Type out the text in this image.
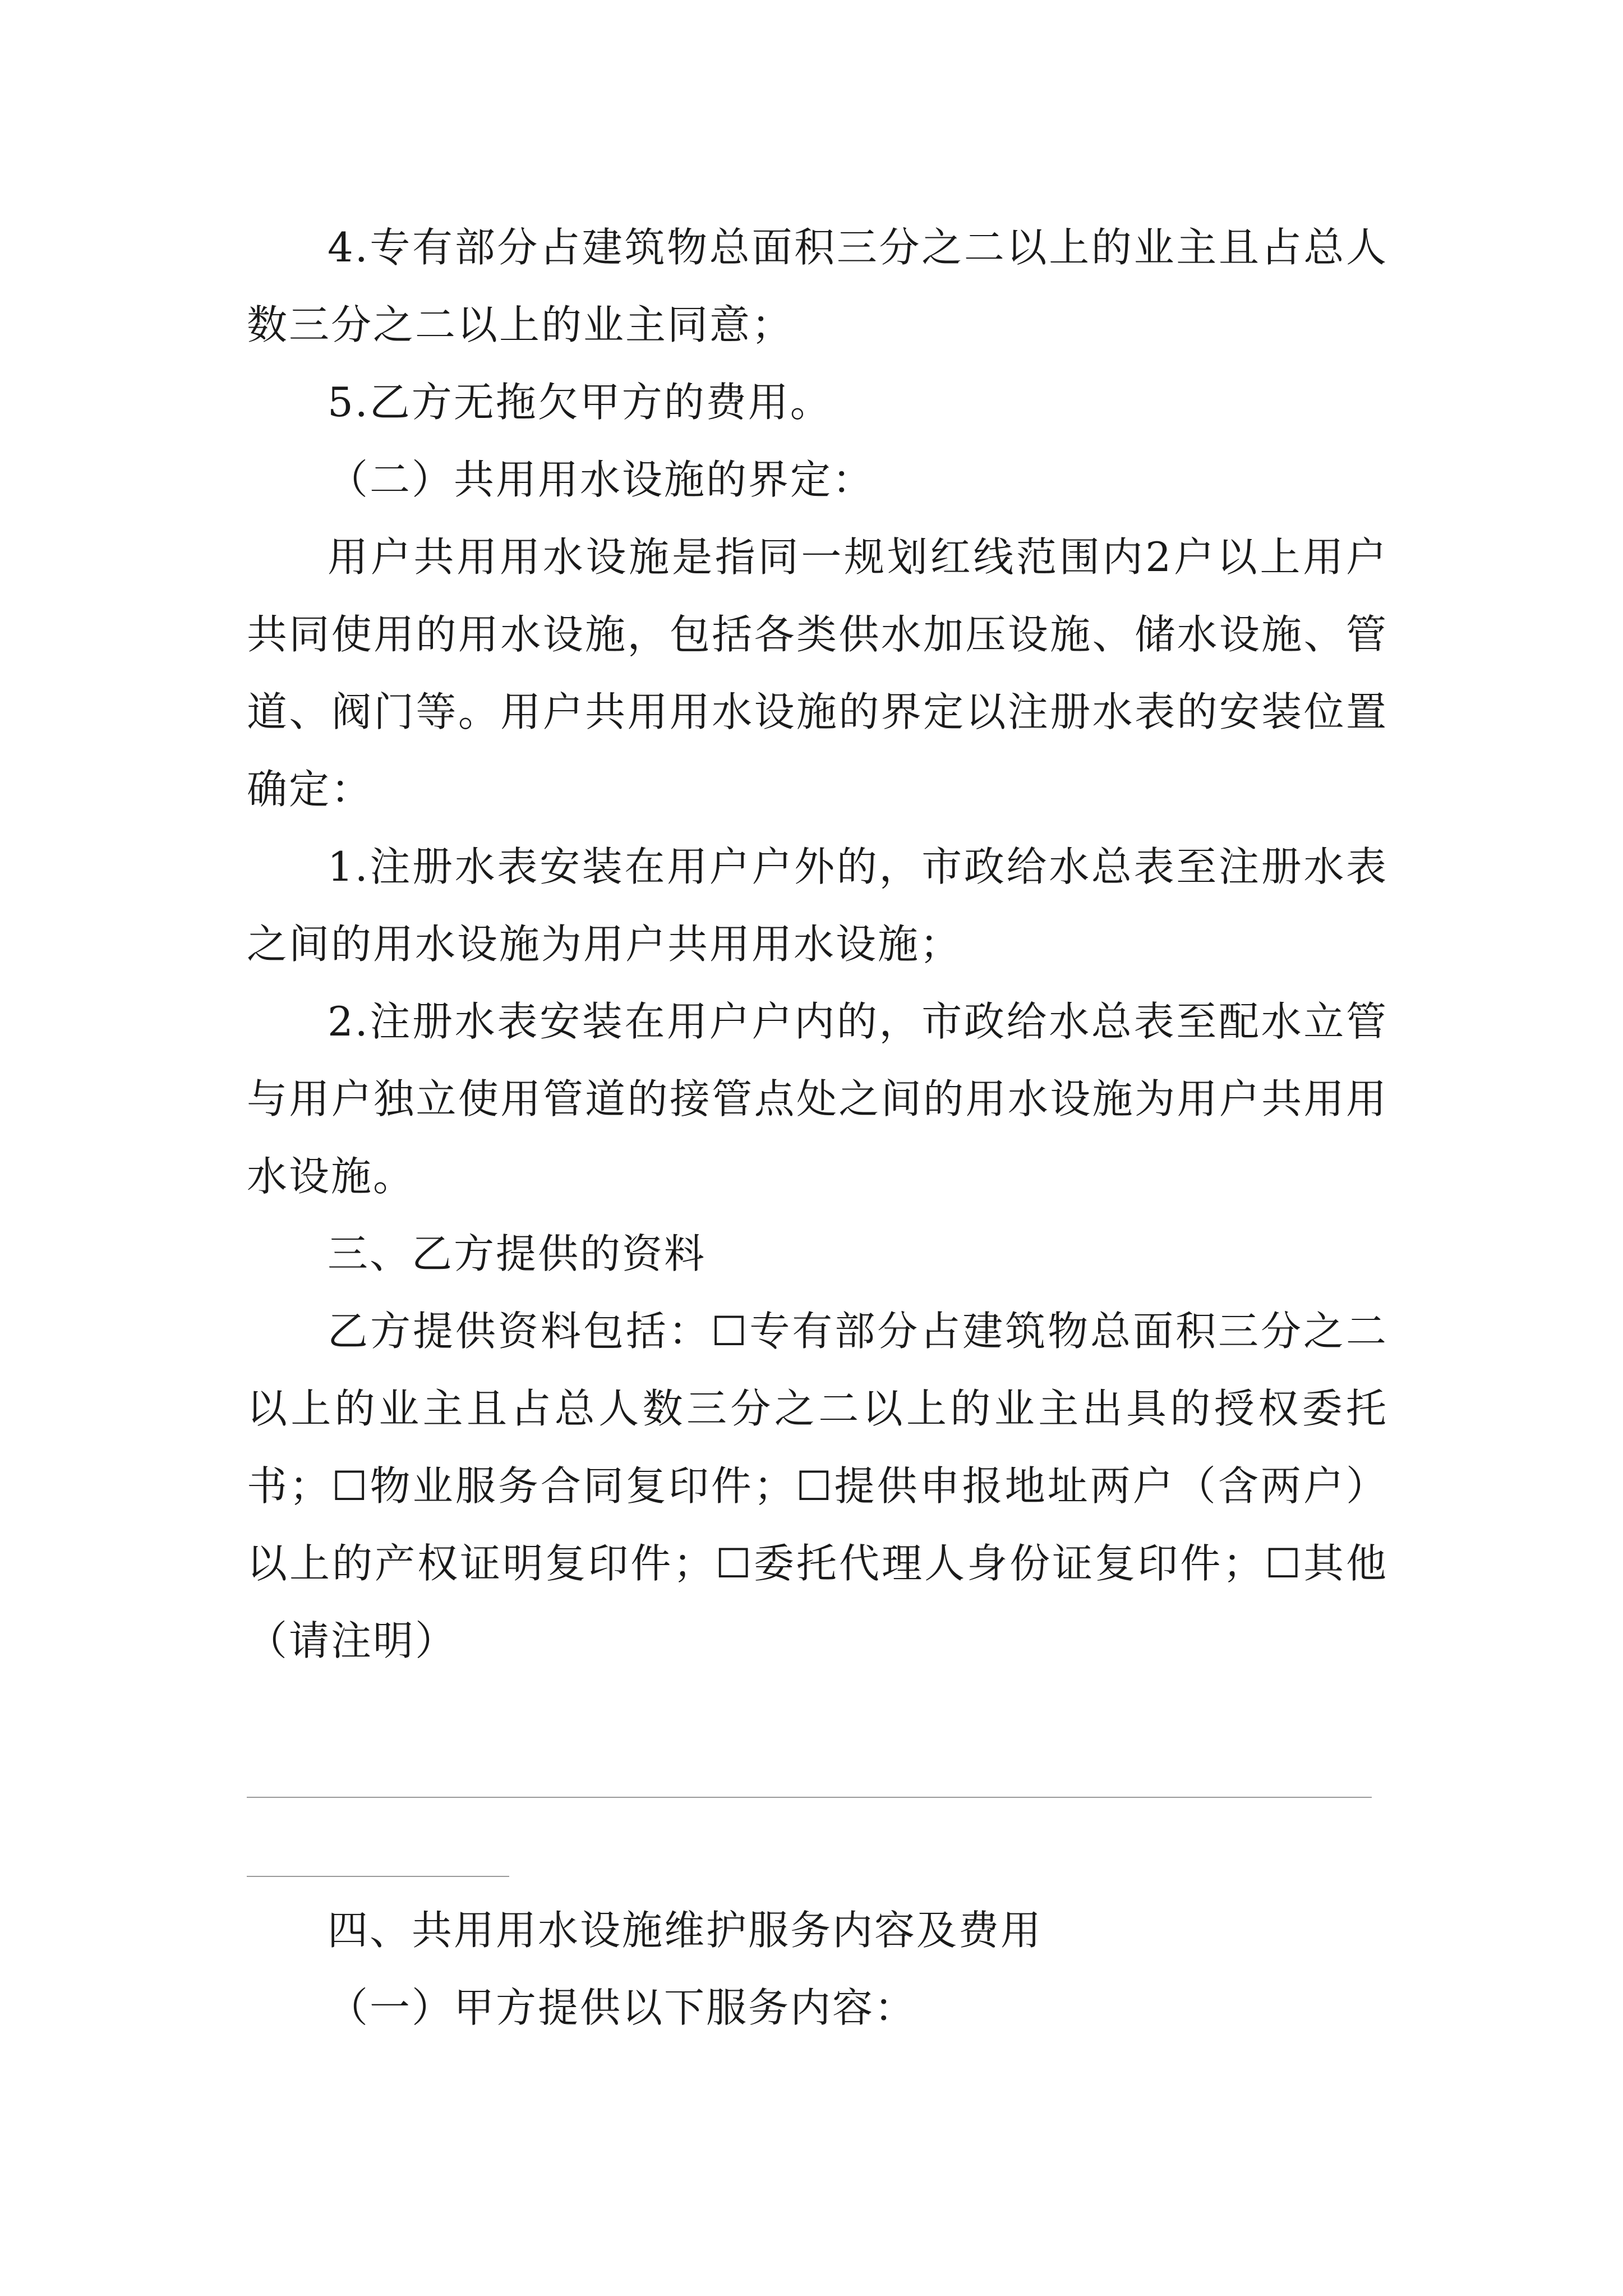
4.专有部分占建筑物总面积三分之二以上的业主且占总人数三分之二以上的业主同意；

5.乙方无拖欠甲方的费用。

（二）共用用水设施的界定：

用户共用用水设施是指同一规划红线范围内2户以上用户共同使用的用水设施，包括各类供水加压设施、储水设施、管道、阀门等。用户共用用水设施的界定以注册水表的安装位置确定：

1.注册水表安装在用户户外的，市政给水总表至注册水表之间的用水设施为用户共用用水设施；

2.注册水表安装在用户户内的，市政给水总表至配水立管与用户独立使用管道的接管点处之间的用水设施为用户共用用水设施。

三、乙方提供的资料

乙方提供资料包括：☐专有部分占建筑物总面积三分之二以上的业主且占总人数三分之二以上的业主出具的授权委托书；☐物业服务合同复印件；☐提供申报地址两户（含两户）以上的产权证明复印件；☐委托代理人身份证复印件；☐其他（请注明）

四、共用用水设施维护服务内容及费用

（一）甲方提供以下服务内容：
